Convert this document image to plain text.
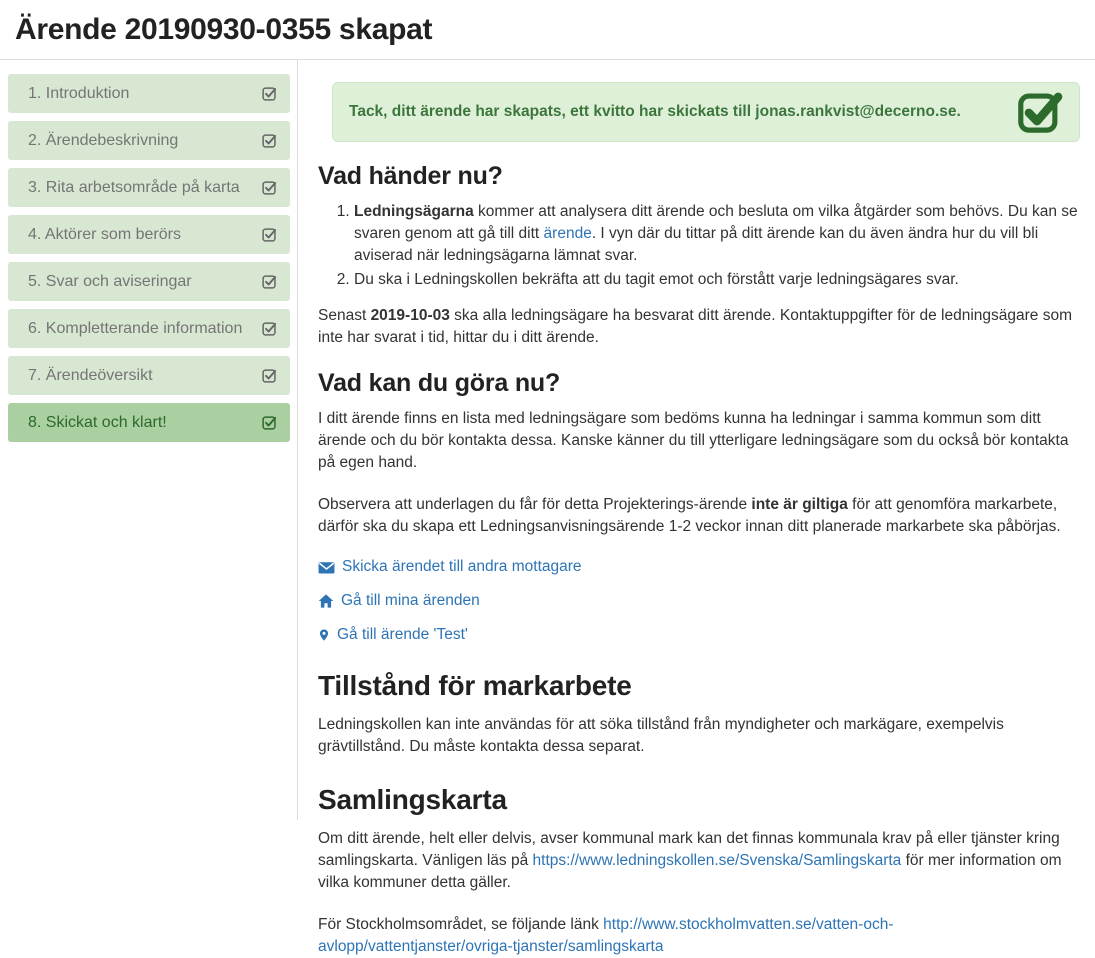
Ärende 20190930-0355 skapat
1. Introduktion
2. Ärendebeskrivning
3. Rita arbetsområde på karta
4. Aktörer som berörs
5. Svar och aviseringar
6. Kompletterande information
7. Ärendeöversikt
8. Skickat och klart!
Tack, ditt ärende har skapats, ett kvitto har skickats till jonas.rankvist@decerno.se.
Vad händer nu?
1. Ledningsägarna kommer att analysera ditt ärende och besluta om vilka åtgärder som behövs. Du kan se svaren genom att gå till ditt ärende. I vyn där du tittar på ditt ärende kan du även ändra hur du vill bli aviserad när ledningsägarna lämnat svar.
2. Du ska i Ledningskollen bekräfta att du tagit emot och förstått varje ledningsägares svar.

Senast 2019-10-03 ska alla ledningsägare ha besvarat ditt ärende. Kontaktuppgifter för de ledningsägare som inte har svarat i tid, hittar du i ditt ärende.

Vad kan du göra nu?

I ditt ärende finns en lista med ledningsägare som bedöms kunna ha ledningar i samma kommun som ditt ärende och du bör kontakta dessa. Kanske känner du till ytterligare ledningsägare som du också bör kontakta på egen hand.

Observera att underlagen du får för detta Projekterings-ärende inte är giltiga för att genomföra markarbete, därför ska du skapa ett Ledningsanvisningsärende 1-2 veckor innan ditt planerade markarbete ska påbörjas.

Skicka ärendet till andra mottagare
Gå till mina ärenden
Gå till ärende 'Test'
Tillstånd för markarbete

Ledningskollen kan inte användas för att söka tillstånd från myndigheter och markägare, exempelvis grävtillstånd. Du måste kontakta dessa separat.

Samlingskarta

Om ditt ärende, helt eller delvis, avser kommunal mark kan det finnas kommunala krav på eller tjänster kring samlingskarta. Vänligen läs på https://www.ledningskollen.se/Svenska/Samlingskarta för mer information om vilka kommuner detta gäller.

För Stockholmsområdet, se följande länk http://www.stockholmvatten.se/vatten-och-avlopp/vattentjanster/ovriga-tjanster/samlingskarta
